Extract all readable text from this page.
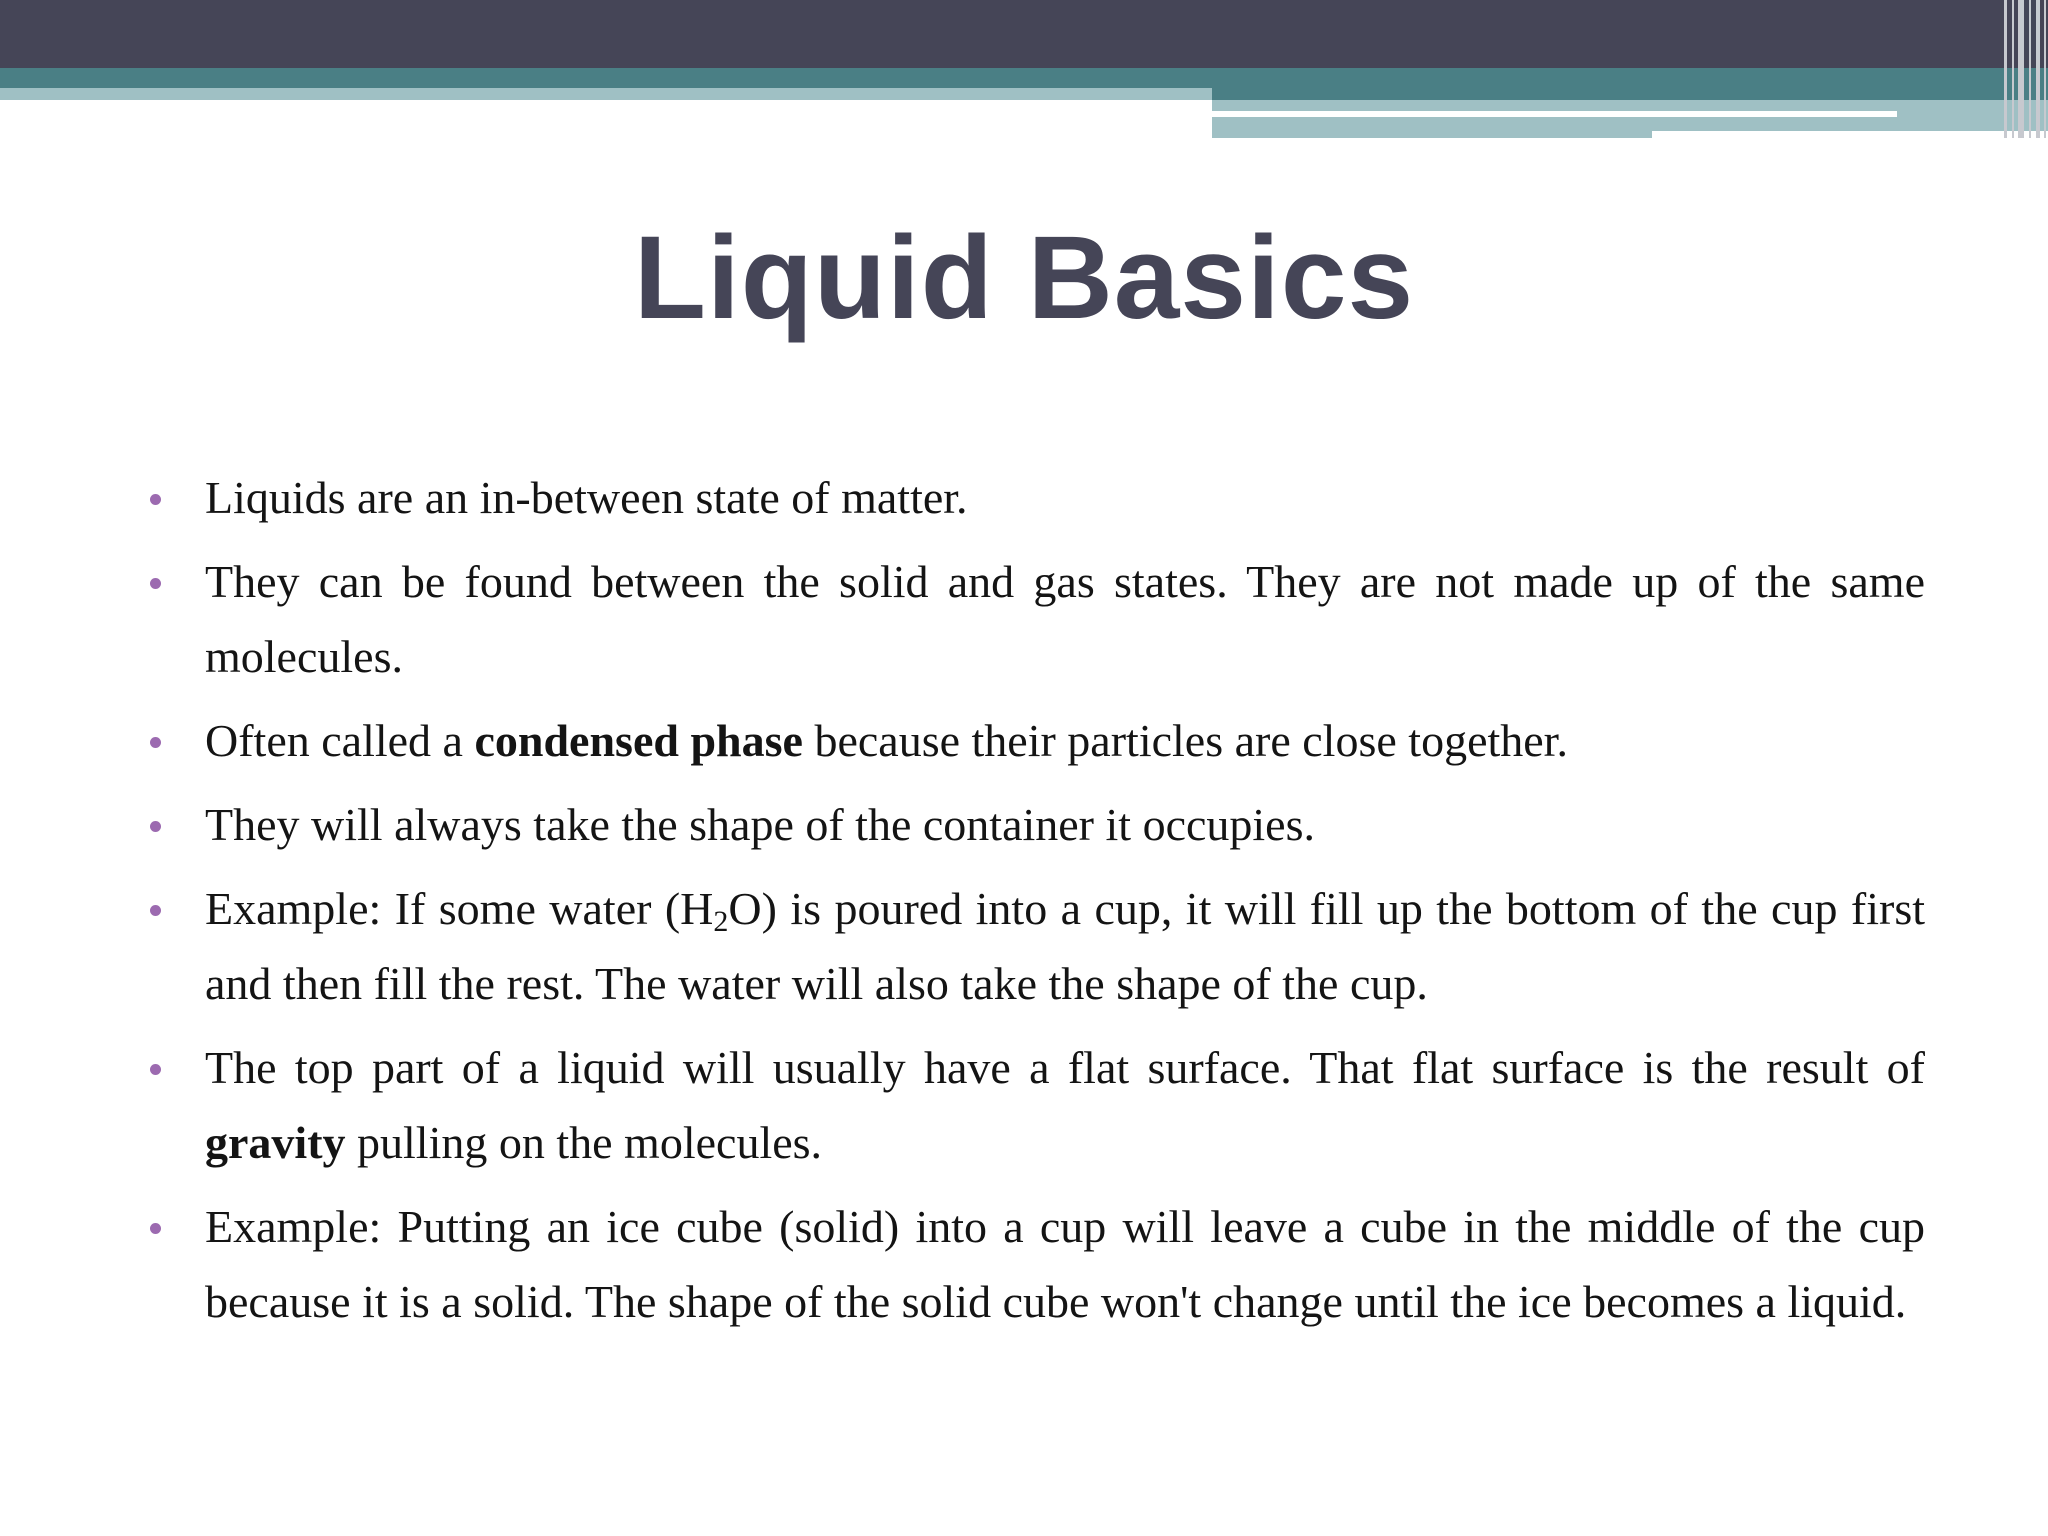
Liquid Basics
Liquids are an in-between state of matter.
They can be found between the solid and gas states. They are not made up of the same molecules.
Often called a condensed phase because their particles are close together.
They will always take the shape of the container it occupies.
Example: If some water $(H_2O)$ is poured into a cup, it will fill up the bottom of the cup first and then fill the rest. The water will also take the shape of the cup.
The top part of a liquid will usually have a flat surface. That flat surface is the result of gravity pulling on the molecules.
Example: Putting an ice cube (solid) into a cup will leave a cube in the middle of the cup because it is a solid. The shape of the solid cube won't change until the ice becomes a liquid.
